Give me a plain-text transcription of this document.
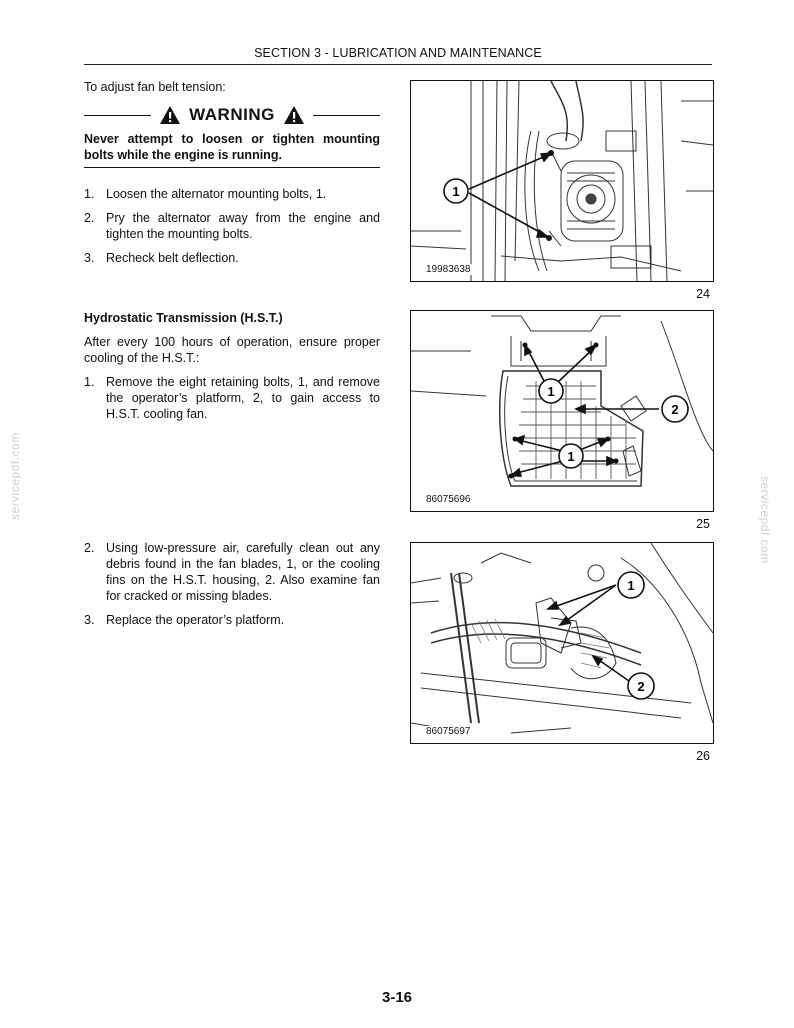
SECTION 3 - LUBRICATION AND MAINTENANCE
To adjust fan belt tension:
WARNING
Never attempt to loosen or tighten mounting bolts while the engine is running.
1. Loosen the alternator mounting bolts, 1.
2. Pry the alternator away from the engine and tighten the mounting bolts.
3. Recheck belt deflection.
Hydrostatic Transmission (H.S.T.)
After every 100 hours of operation, ensure proper cooling of the H.S.T.:
1. Remove the eight retaining bolts, 1, and remove the operator’s platform, 2, to gain access to H.S.T. cooling fan.
2. Using low-pressure air, carefully clean out any debris found in the fan blades, 1, or the cooling fins on the H.S.T. housing, 2. Also examine fan for cracked or missing blades.
3. Replace the operator’s platform.
1
19983638
24
1
2
1
86075696
25
1
2
86075697
26
servicepdf.com	servicepdf.com
3-16
